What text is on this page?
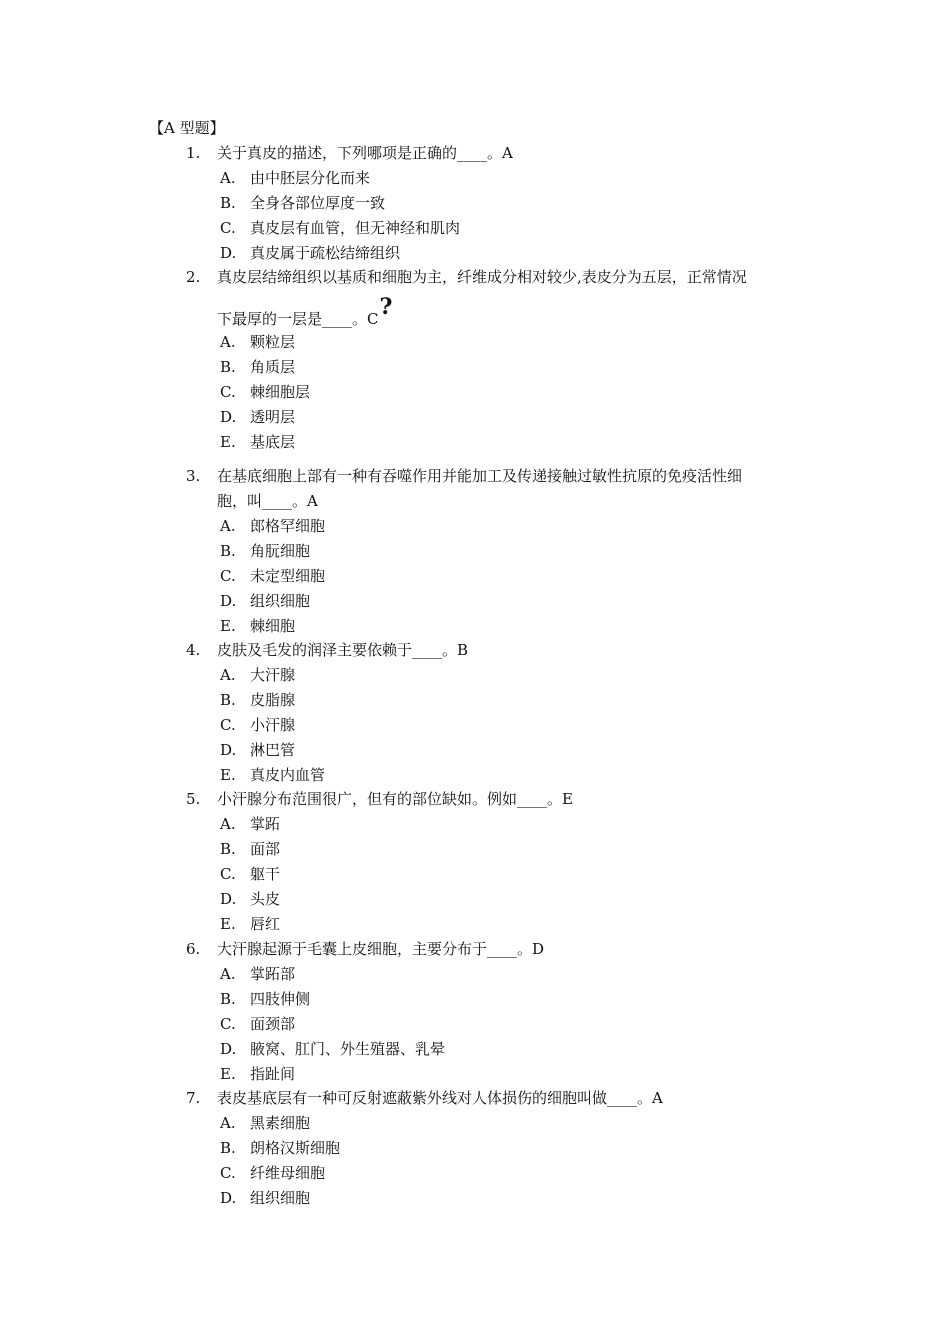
【A 型题】
1.	关于真皮的描述，下列哪项是正确的____。A
A. 由中胚层分化而来
B. 全身各部位厚度一致
C. 真皮层有血管，但无神经和肌肉
D. 真皮属于疏松结缔组织
2.	真皮层结缔组织以基质和细胞为主，纤维成分相对较少,表皮分为五层，正常情况
下最厚的一层是____。C?
A. 颗粒层
B. 角质层
C. 棘细胞层
D. 透明层
E. 基底层
3.	在基底细胞上部有一种有吞噬作用并能加工及传递接触过敏性抗原的免疫活性细
胞，叫____。A
A. 郎格罕细胞
B. 角朊细胞
C. 未定型细胞
D. 组织细胞
E. 棘细胞
4.	皮肤及毛发的润泽主要依赖于____。B
A. 大汗腺
B. 皮脂腺
C. 小汗腺
D. 淋巴管
E. 真皮内血管
5.	小汗腺分布范围很广，但有的部位缺如。例如____。E
A. 掌跖
B. 面部
C. 躯干
D. 头皮
E. 唇红
6.	大汗腺起源于毛囊上皮细胞，主要分布于____。D
A. 掌跖部
B. 四肢伸侧
C. 面颈部
D. 腋窝、肛门、外生殖器、乳晕
E. 指趾间
7.	表皮基底层有一种可反射遮蔽紫外线对人体损伤的细胞叫做____。A
A. 黑素细胞
B. 朗格汉斯细胞
C. 纤维母细胞
D. 组织细胞
